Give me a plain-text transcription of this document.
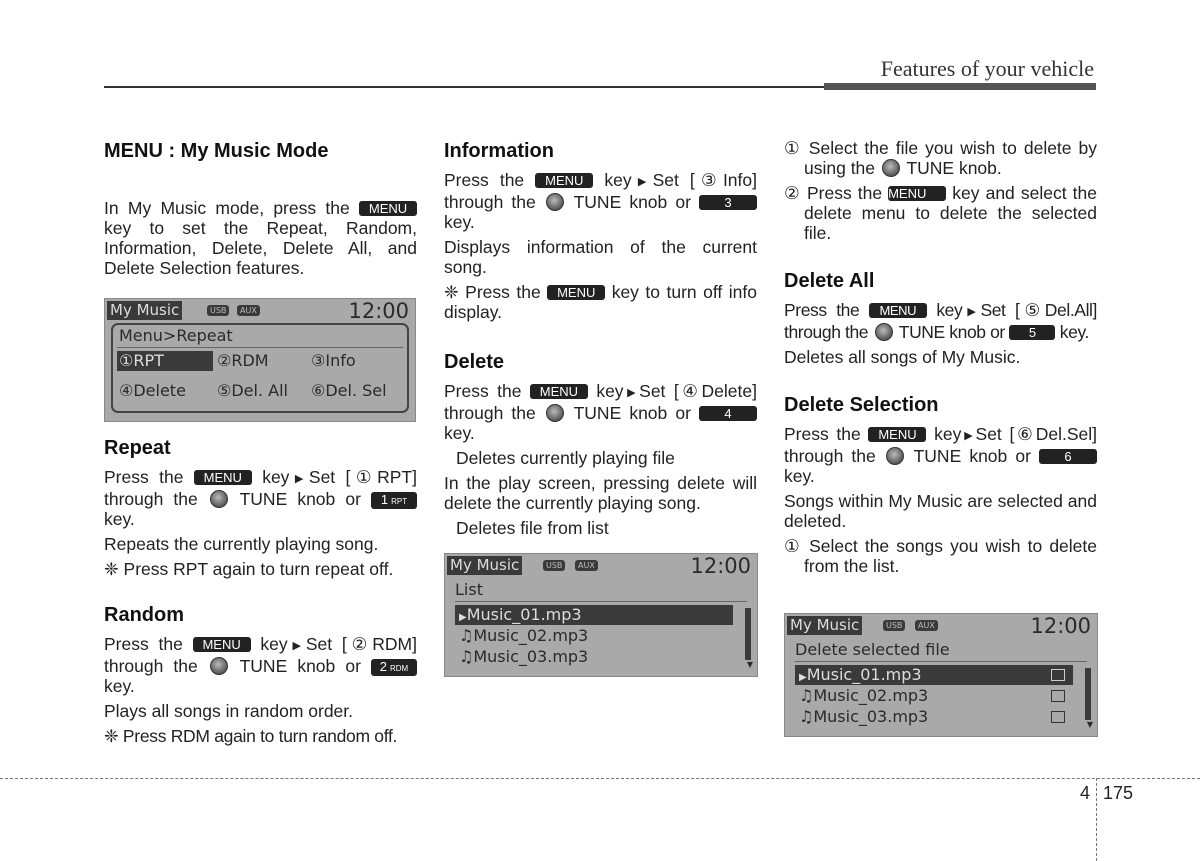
Features of your vehicle
MENU : My Music Mode

In My Music mode, press the MENU key to set the Repeat, Random, Information, Delete, Delete All, and Delete Selection features.

Repeat

Press the MENU key▶Set [①RPT] through the TUNE knob or 1 RPT key.

Repeats the currently playing song.

❈ Press RPT again to turn repeat off.

Random

Press the MENU key▶Set [②RDM] through the TUNE knob or 2 RDM key.

Plays all songs in random order.

❈ Press RDM again to turn random off.

My Music	USB	AUX	12:00
Menu>Repeat
①RPT	②RDM	③Info
④Delete ⑤Del. All ⑥Del. Sel
Information

Press the MENU key▶Set [③Info] through the TUNE knob or	3 key.

Displays information of the current song.

❈ Press the MENU key to turn off info display.

Delete

Press the MENU key▶Set [④Delete] through the TUNE knob or	4 key.

Deletes currently playing file

In the play screen, pressing delete will delete the currently playing song.

Deletes file from list

My Music	USB	AUX	12:00
List
▶Music_01.mp3
♫Music_02.mp3
♫Music_03.mp3	▼

① Select the file you wish to delete by using the TUNE knob.

② Press the MENU key and select the delete menu to delete the selected file.

Delete All

Press the MENU key▶Set [⑤Del.All] through the TUNE knob or 5 key.

Deletes all songs of My Music.

Delete Selection

Press the MENU key▶Set [⑥Del.Sel] through the TUNE knob or	6 key.

Songs within My Music are selected and deleted.

① Select the songs you wish to delete from the list.

My Music	USB	AUX	12:00
Delete selected file
▶Music_01.mp3
♫Music_02.mp3
♫Music_03.mp3	▼
4 175
